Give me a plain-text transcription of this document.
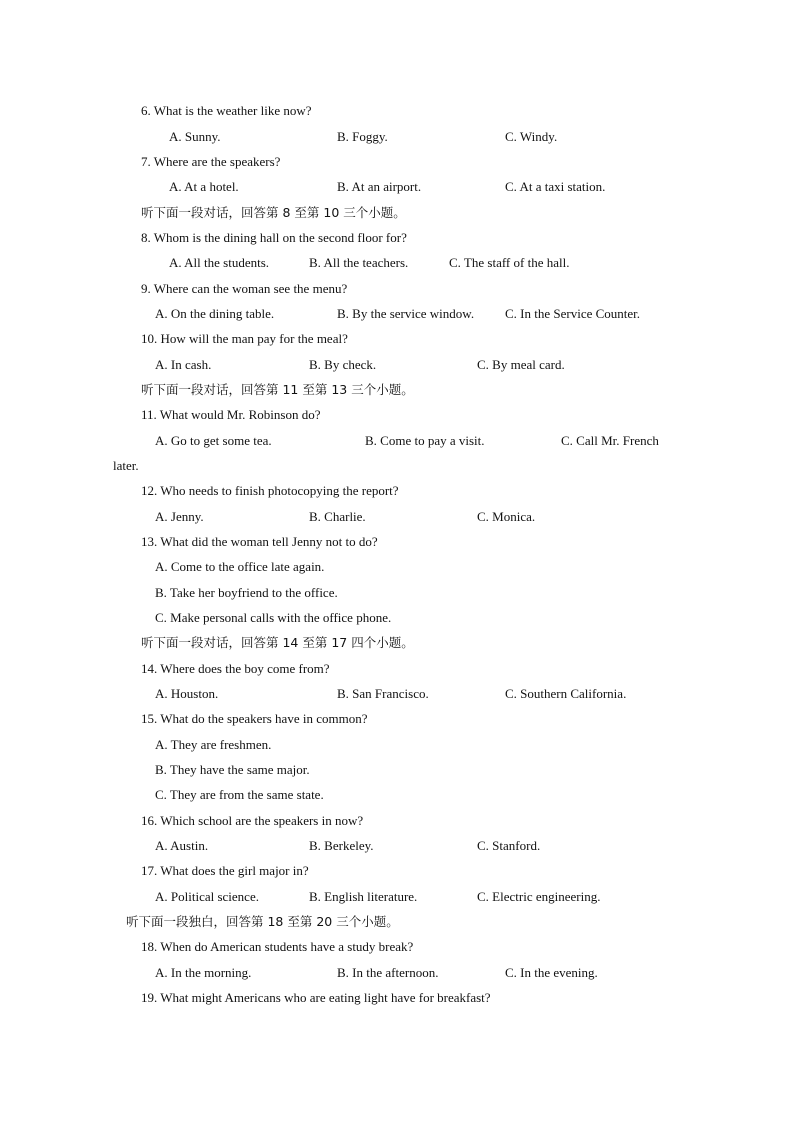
6. What is the weather like now?
A. Sunny.	B. Foggy.	C. Windy.
7. Where are the speakers?
A. At a hotel.	B. At an airport.	C. At a taxi station.
听下面一段对话，回答第 8 至第 10 三个小题。
8. Whom is the dining hall on the second floor for?
A. All the students.	B. All the teachers.	C. The staff of the hall.
9. Where can the woman see the menu?
A. On the dining table.	B. By the service window. C. In the Service Counter.
10. How will the man pay for the meal?
A. In cash.	B. By check.	C. By meal card.
听下面一段对话，回答第 11 至第 13 三个小题。
11. What would Mr. Robinson do?
A. Go to get some tea.	B. Come to pay a visit.	C. Call Mr. French
later.
12. Who needs to finish photocopying the report?
A. Jenny.	B. Charlie.	C. Monica.
13. What did the woman tell Jenny not to do?
A. Come to the office late again.
B. Take her boyfriend to the office.
C. Make personal calls with the office phone.
听下面一段对话，回答第 14 至第 17 四个小题。
14. Where does the boy come from?
A. Houston.	B. San Francisco.	C. Southern California.
15. What do the speakers have in common?
A. They are freshmen.
B. They have the same major.
C. They are from the same state.
16. Which school are the speakers in now?
A. Austin.	B. Berkeley.	C. Stanford.
17. What does the girl major in?
A. Political science.	B. English literature.	C. Electric engineering.
听下面一段独白，回答第 18 至第 20 三个小题。
18. When do American students have a study break?
A. In the morning.	B. In the afternoon.	C. In the evening.
19. What might Americans who are eating light have for breakfast?
